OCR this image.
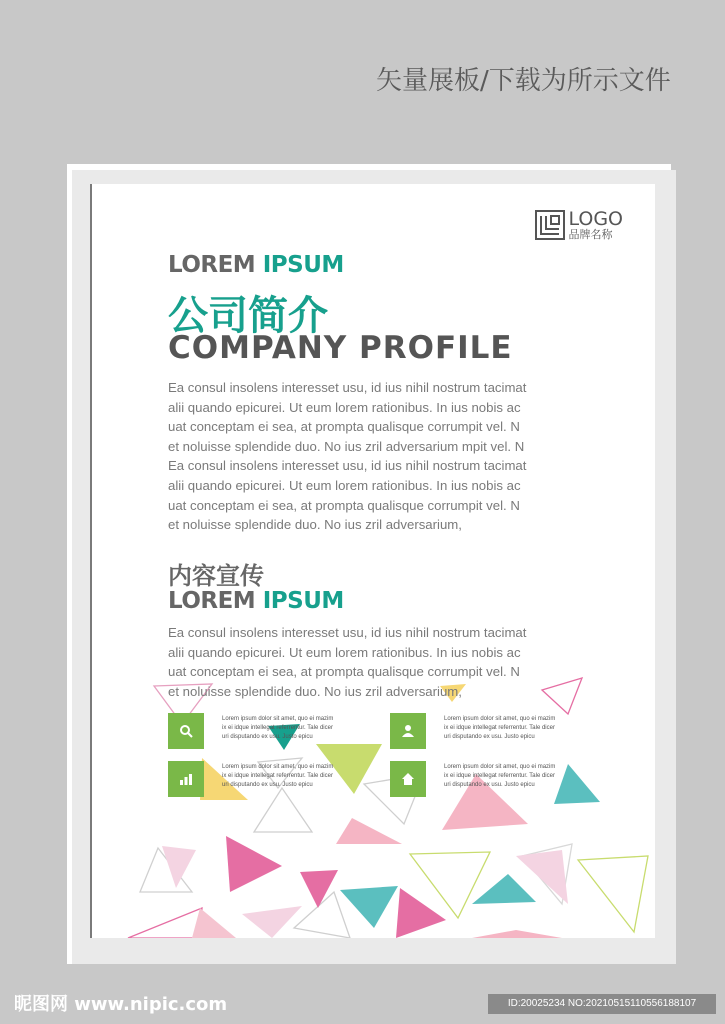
矢量展板/下载为所示文件
LOGO
品牌名称
LOREM IPSUM
公司简介
COMPANY PROFILE
Ea consul insolens interesset usu, id ius nihil nostrum tacimat
alii quando epicurei. Ut eum lorem rationibus. In ius nobis ac
uat conceptam ei sea, at prompta qualisque corrumpit vel. N
et noluisse splendide duo. No ius zril adversarium mpit vel. N
Ea consul insolens interesset usu, id ius nihil nostrum tacimat
alii quando epicurei. Ut eum lorem rationibus. In ius nobis ac
uat conceptam ei sea, at prompta qualisque corrumpit vel. N
et noluisse splendide duo. No ius zril adversarium,
内容宣传
LOREM IPSUM
Ea consul insolens interesset usu, id ius nihil nostrum tacimat
alii quando epicurei. Ut eum lorem rationibus. In ius nobis ac
uat conceptam ei sea, at prompta qualisque corrumpit vel. N
et noluisse splendide duo. No ius zril adversarium,
Lorem ipsum dolor sit amet, quo ei mazim
ix ei idque intellegat referrentur. Tale dicer
uri disputando ex usu. Justo epicu
Lorem ipsum dolor sit amet, quo ei mazim
ix ei idque intellegat referrentur. Tale dicer
uri disputando ex usu. Justo epicu
Lorem ipsum dolor sit amet, quo ei mazim
ix ei idque intellegat referrentur. Tale dicer
uri disputando ex usu. Justo epicu
Lorem ipsum dolor sit amet, quo ei mazim
ix ei idque intellegat referrentur. Tale dicer
uri disputando ex usu. Justo epicu
昵图网 www.nipic.com	ID:20025234 NO:20210515110556188107
